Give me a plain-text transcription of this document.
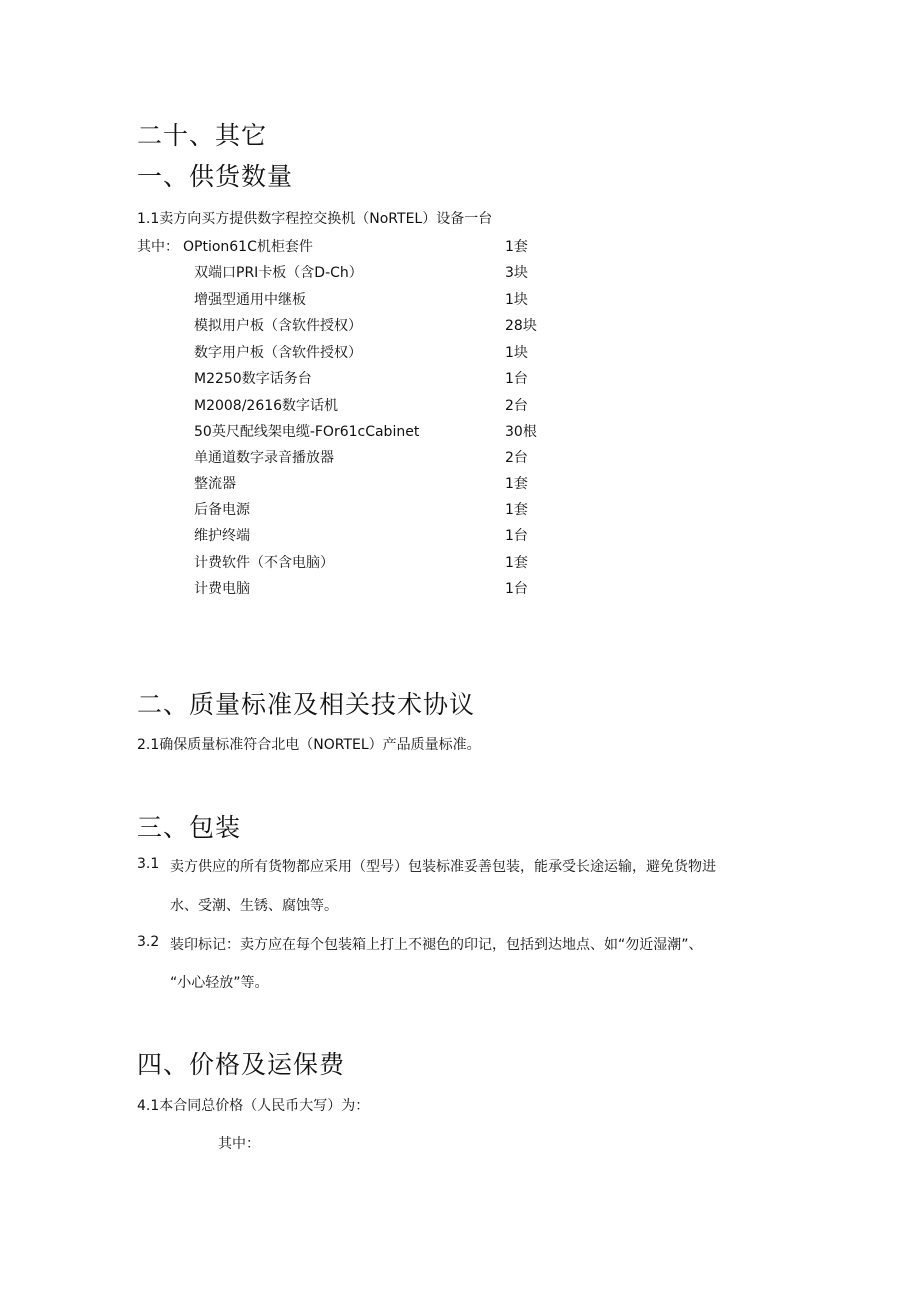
二十、其它
一、供货数量
1.1卖方向买方提供数字程控交换机（NoRTEL）设备一台
其中： OPtion61C机柜套件	1套
双端口PRI卡板（含D-Ch）	3块
增强型通用中继板	1块
模拟用户板（含软件授权）	28块
数字用户板（含软件授权）	1块
M2250数字话务台	1台
M2008/2616数字话机	2台
50英尺配线架电缆-FOr61cCabinet	30根
单通道数字录音播放器	2台
整流器	1套
后备电源	1套
维护终端	1台
计费软件（不含电脑）	1套
计费电脑	1台
二、质量标准及相关技术协议
2.1确保质量标准符合北电（NORTEL）产品质量标准。
三、包装
3.1 卖方供应的所有货物都应采用（型号）包装标准妥善包装，能承受长途运输，避免货物进
水、受潮、生锈、腐蚀等。
3.2 装印标记：卖方应在每个包装箱上打上不褪色的印记，包括到达地点、如“勿近湿潮”、
“小心轻放”等。
四、价格及运保费
4.1本合同总价格（人民币大写）为：
其中：
